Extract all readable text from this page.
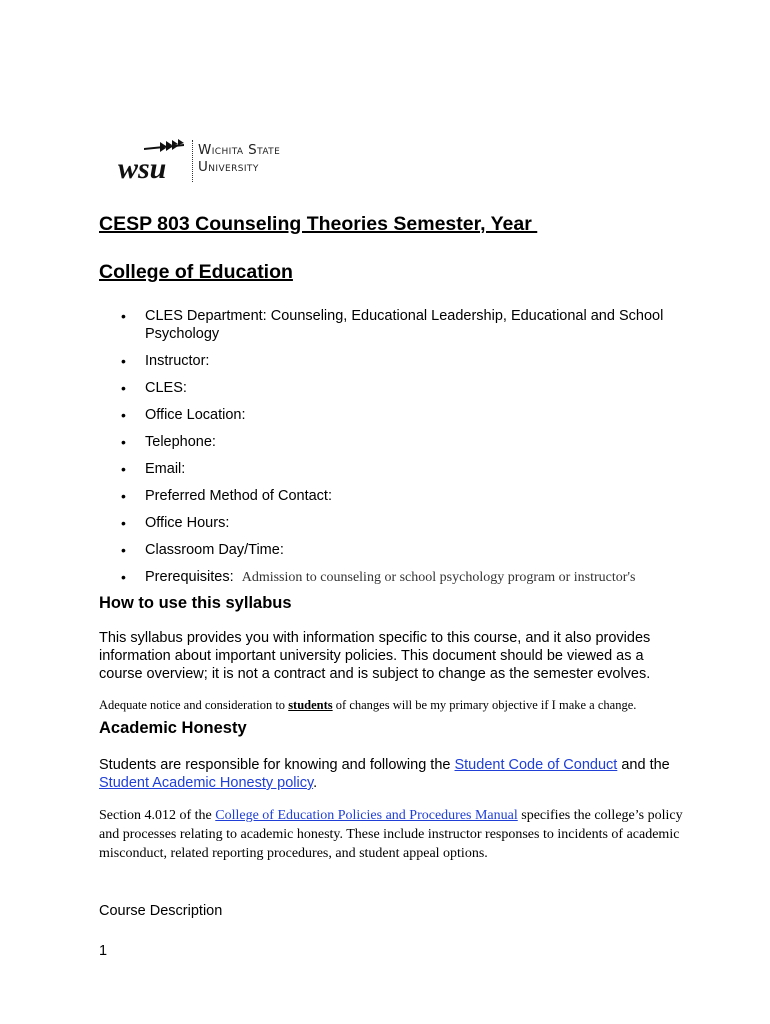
wsu
Wichita State
University
CESP 803 Counseling Theories Semester, Year
College of Education
• CLES Department: Counseling, Educational Leadership, Educational and School Psychology
• Instructor:
• CLES:
• Office Location:
• Telephone:
• Email:
• Preferred Method of Contact:
• Office Hours:
• Classroom Day/Time:
• Prerequisites: Admission to counseling or school psychology program or instructor's
How to use this syllabus

This syllabus provides you with information specific to this course, and it also provides information about important university policies. This document should be viewed as a course overview; it is not a contract and is subject to change as the semester evolves.

Adequate notice and consideration to students of changes will be my primary objective if I make a change.

Academic Honesty

Students are responsible for knowing and following the Student Code of Conduct and the Student Academic Honesty policy.

Section 4.012 of the College of Education Policies and Procedures Manual specifies the college’s policy and processes relating to academic honesty. These include instructor responses to incidents of academic misconduct, related reporting procedures, and student appeal options.

Course Description

1
